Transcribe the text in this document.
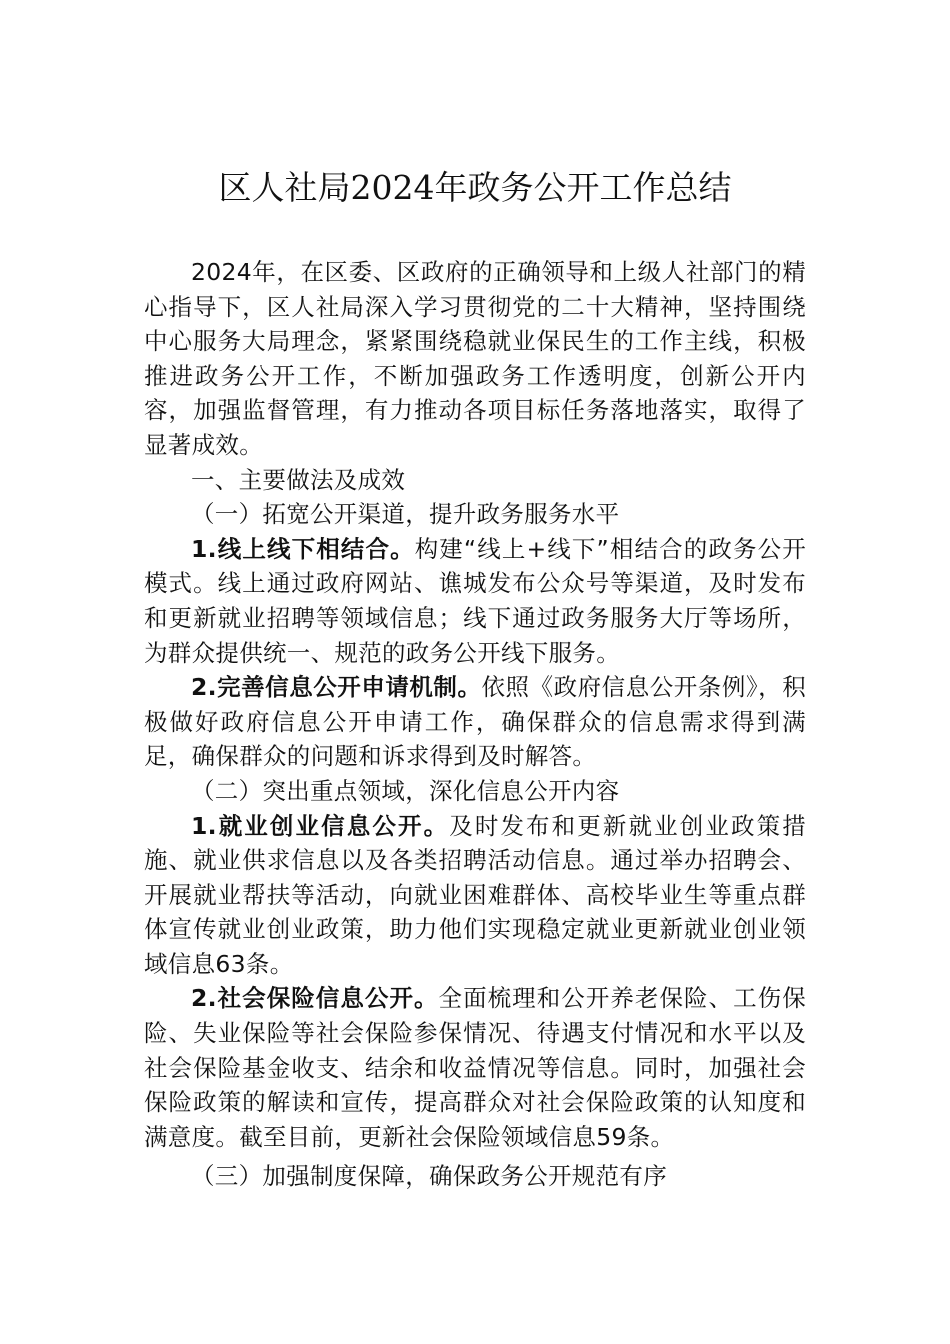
区人社局2024年政务公开工作总结

2024年，在区委、区政府的正确领导和上级人社部门的精心指导下，区人社局深入学习贯彻党的二十大精神，坚持围绕中心服务大局理念，紧紧围绕稳就业保民生的工作主线，积极推进政务公开工作，不断加强政务工作透明度，创新公开内容，加强监督管理，有力推动各项目标任务落地落实，取得了显著成效。

一、主要做法及成效

（一）拓宽公开渠道，提升政务服务水平

1.线上线下相结合。构建“线上+线下”相结合的政务公开模式。线上通过政府网站、谯城发布公众号等渠道，及时发布和更新就业招聘等领域信息；线下通过政务服务大厅等场所，为群众提供统一、规范的政务公开线下服务。

2.完善信息公开申请机制。依照《政府信息公开条例》，积极做好政府信息公开申请工作，确保群众的信息需求得到满足，确保群众的问题和诉求得到及时解答。

（二）突出重点领域，深化信息公开内容

1.就业创业信息公开。及时发布和更新就业创业政策措施、就业供求信息以及各类招聘活动信息。通过举办招聘会、开展就业帮扶等活动，向就业困难群体、高校毕业生等重点群体宣传就业创业政策，助力他们实现稳定就业更新就业创业领域信息63条。

2.社会保险信息公开。全面梳理和公开养老保险、工伤保险、失业保险等社会保险参保情况、待遇支付情况和水平以及社会保险基金收支、结余和收益情况等信息。同时，加强社会保险政策的解读和宣传，提高群众对社会保险政策的认知度和满意度。截至目前，更新社会保险领域信息59条。

（三）加强制度保障，确保政务公开规范有序
